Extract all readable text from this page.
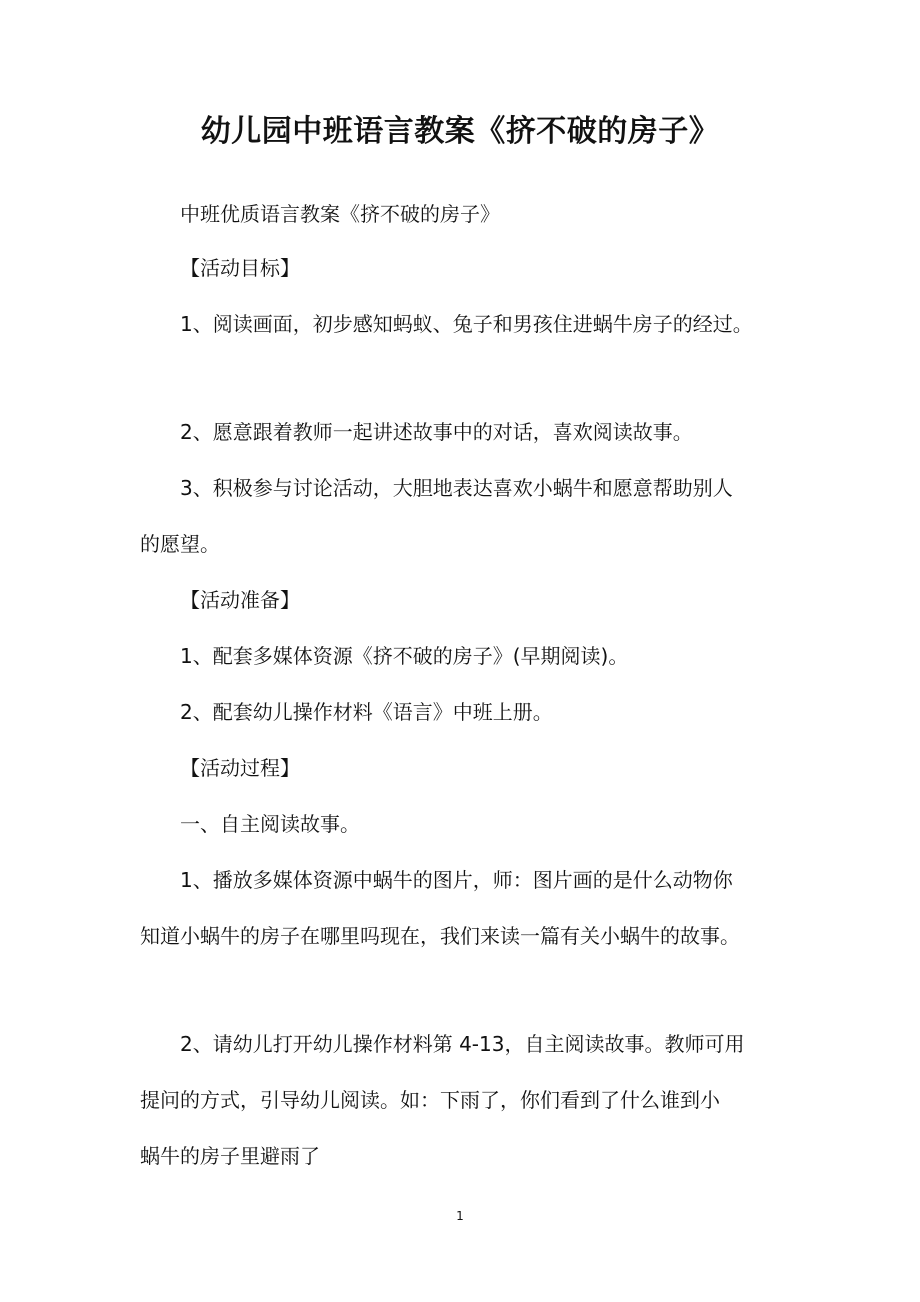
幼儿园中班语言教案《挤不破的房子》
中班优质语言教案《挤不破的房子》
【活动目标】
1、阅读画面，初步感知蚂蚁、兔子和男孩住进蜗牛房子的经过。
2、愿意跟着教师一起讲述故事中的对话，喜欢阅读故事。
3、积极参与讨论活动，大胆地表达喜欢小蜗牛和愿意帮助别人
的愿望。
【活动准备】
1、配套多媒体资源《挤不破的房子》(早期阅读)。
2、配套幼儿操作材料《语言》中班上册。
【活动过程】
一、自主阅读故事。
1、播放多媒体资源中蜗牛的图片，师：图片画的是什么动物你
知道小蜗牛的房子在哪里吗现在，我们来读一篇有关小蜗牛的故事。
2、请幼儿打开幼儿操作材料第 4-13，自主阅读故事。教师可用
提问的方式，引导幼儿阅读。如：下雨了，你们看到了什么谁到小
蜗牛的房子里避雨了
1
